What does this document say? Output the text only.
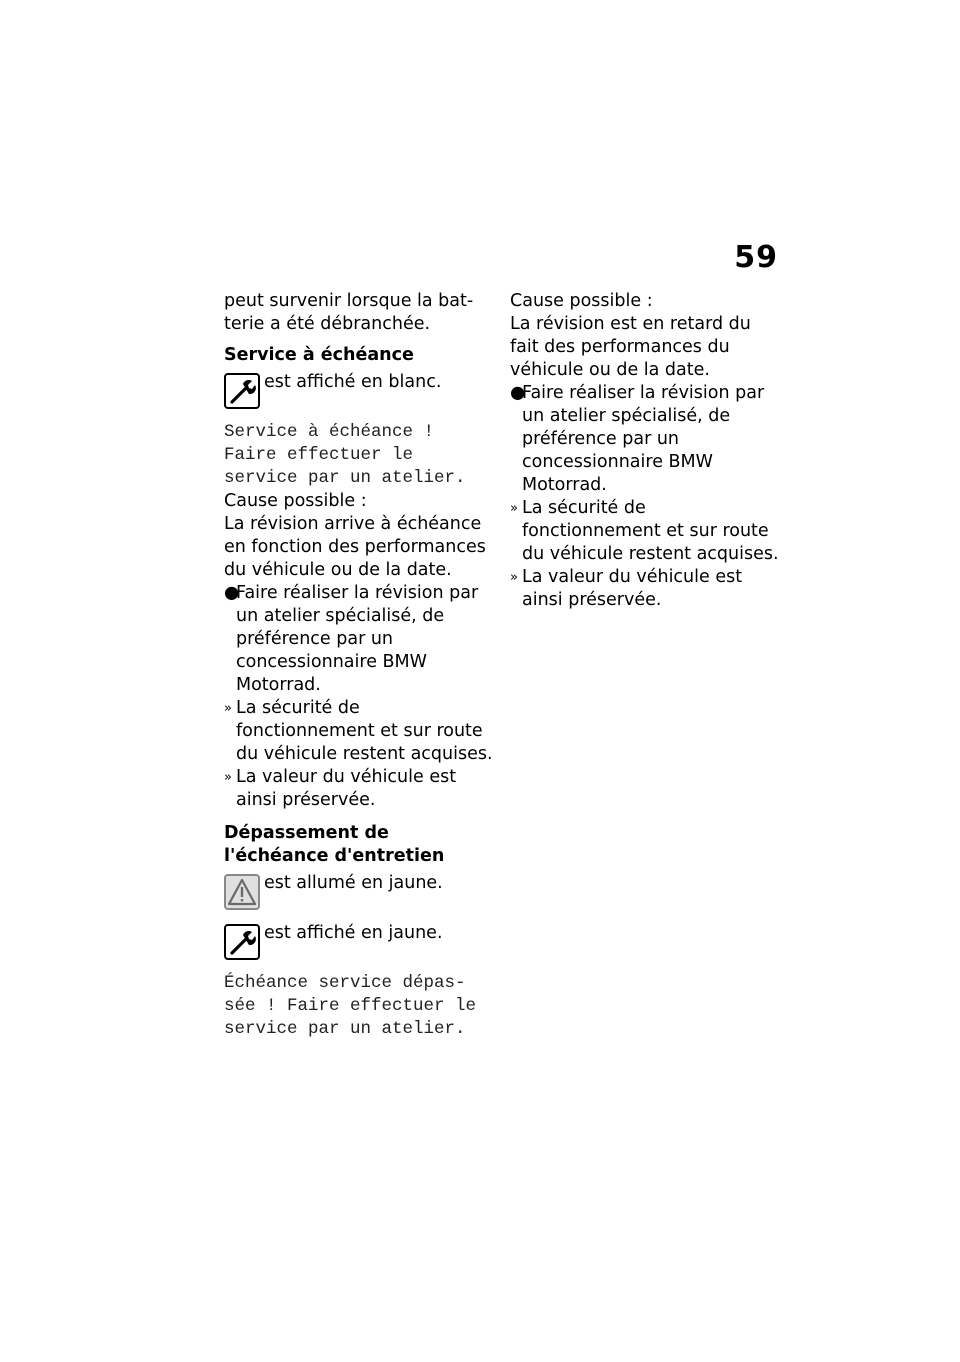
59

peut survenir lorsque la bat-
terie a été débranchée.

Service à échéance
est affiché en blanc.
Service à échéance !
Faire effectuer le
service par un atelier.

Cause possible :

La révision arrive à échéance en fonction des performances du véhicule ou de la date.

●
Faire réaliser la révision par un atelier spécialisé, de préférence par un concessionnaire BMW Motorrad.
» La sécurité de fonctionnement et sur route du véhicule restent acquises.
» La valeur du véhicule est ainsi préservée.
Dépassement de l'échéance d'entretien
est allumé en jaune.
est affiché en jaune.
Échéance service dépas-
sée ! Faire effectuer le
service par un atelier.

Cause possible :

La révision est en retard du fait des performances du véhicule ou de la date.

●
Faire réaliser la révision par un atelier spécialisé, de préférence par un concessionnaire BMW Motorrad.
» La sécurité de fonctionnement et sur route du véhicule restent acquises.
» La valeur du véhicule est ainsi préservée.
